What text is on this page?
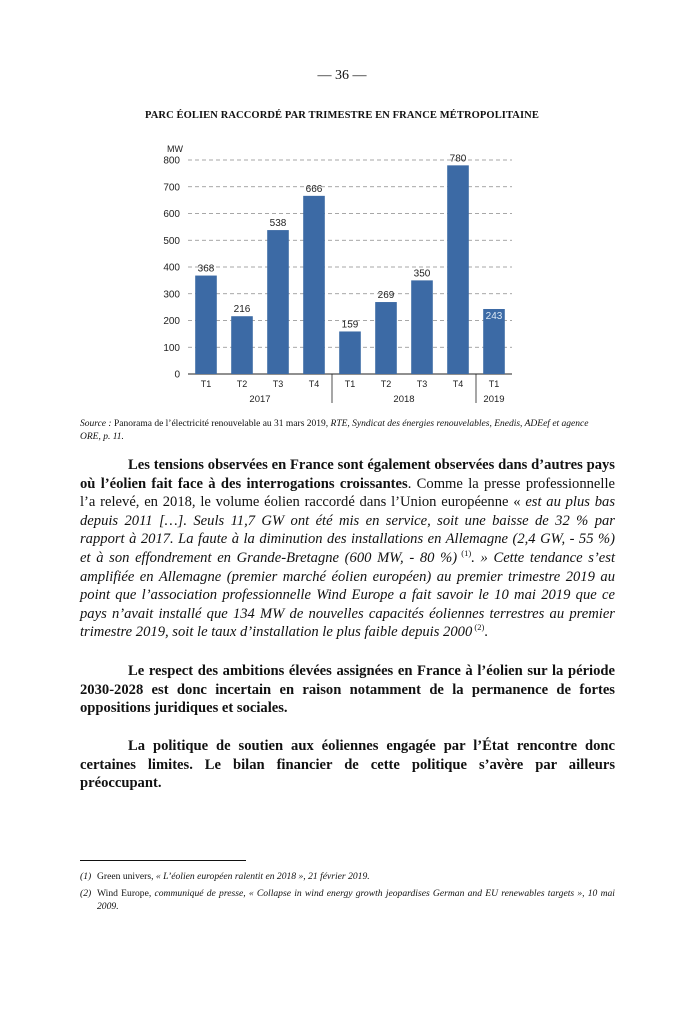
— 36 —
PARC ÉOLIEN RACCORDÉ PAR TRIMESTRE EN FRANCE MÉTROPOLITAINE
MW
0
100
200
300
400
500
600
700
800
368
T1
216
T2
538
T3
666
T4
159
T1
269
T2
350
T3
780
T4
243
T1
2017	2018	2019
Source : Panorama de l’électricité renouvelable au 31 mars 2019, RTE, Syndicat des énergies renouvelables, Enedis, ADEef et agence ORE, p. 11.
Les tensions observées en France sont également observées dans d’autres pays où l’éolien fait face à des interrogations croissantes. Comme la presse professionnelle l’a relevé, en 2018, le volume éolien raccordé dans l’Union européenne « est au plus bas depuis 2011 […]. Seuls 11,7 GW ont été mis en service, soit une baisse de 32 % par rapport à 2017. La faute à la diminution des installations en Allemagne (2,4 GW, - 55 %) et à son effondrement en Grande-Bretagne (600 MW, - 80 %) $^{(1)}$. » Cette tendance s’est amplifiée en Allemagne (premier marché éolien européen) au premier trimestre 2019 au point que l’association professionnelle Wind Europe a fait savoir le 10 mai 2019 que ce pays n’avait installé que 134 MW de nouvelles capacités éoliennes terrestres au premier trimestre 2019, soit le taux d’installation le plus faible depuis 2000 $^{(2)}$.
Le respect des ambitions élevées assignées en France à l’éolien sur la période 2030-2028 est donc incertain en raison notamment de la permanence de fortes oppositions juridiques et sociales.
La politique de soutien aux éoliennes engagée par l’État rencontre donc certaines limites. Le bilan financier de cette politique s’avère par ailleurs préoccupant.
(1) Green univers, « L’éolien européen ralentit en 2018 », 21 février 2019.
(2) Wind Europe, communiqué de presse, « Collapse in wind energy growth jeopardises German and EU renewables targets », 10 mai 2009.
